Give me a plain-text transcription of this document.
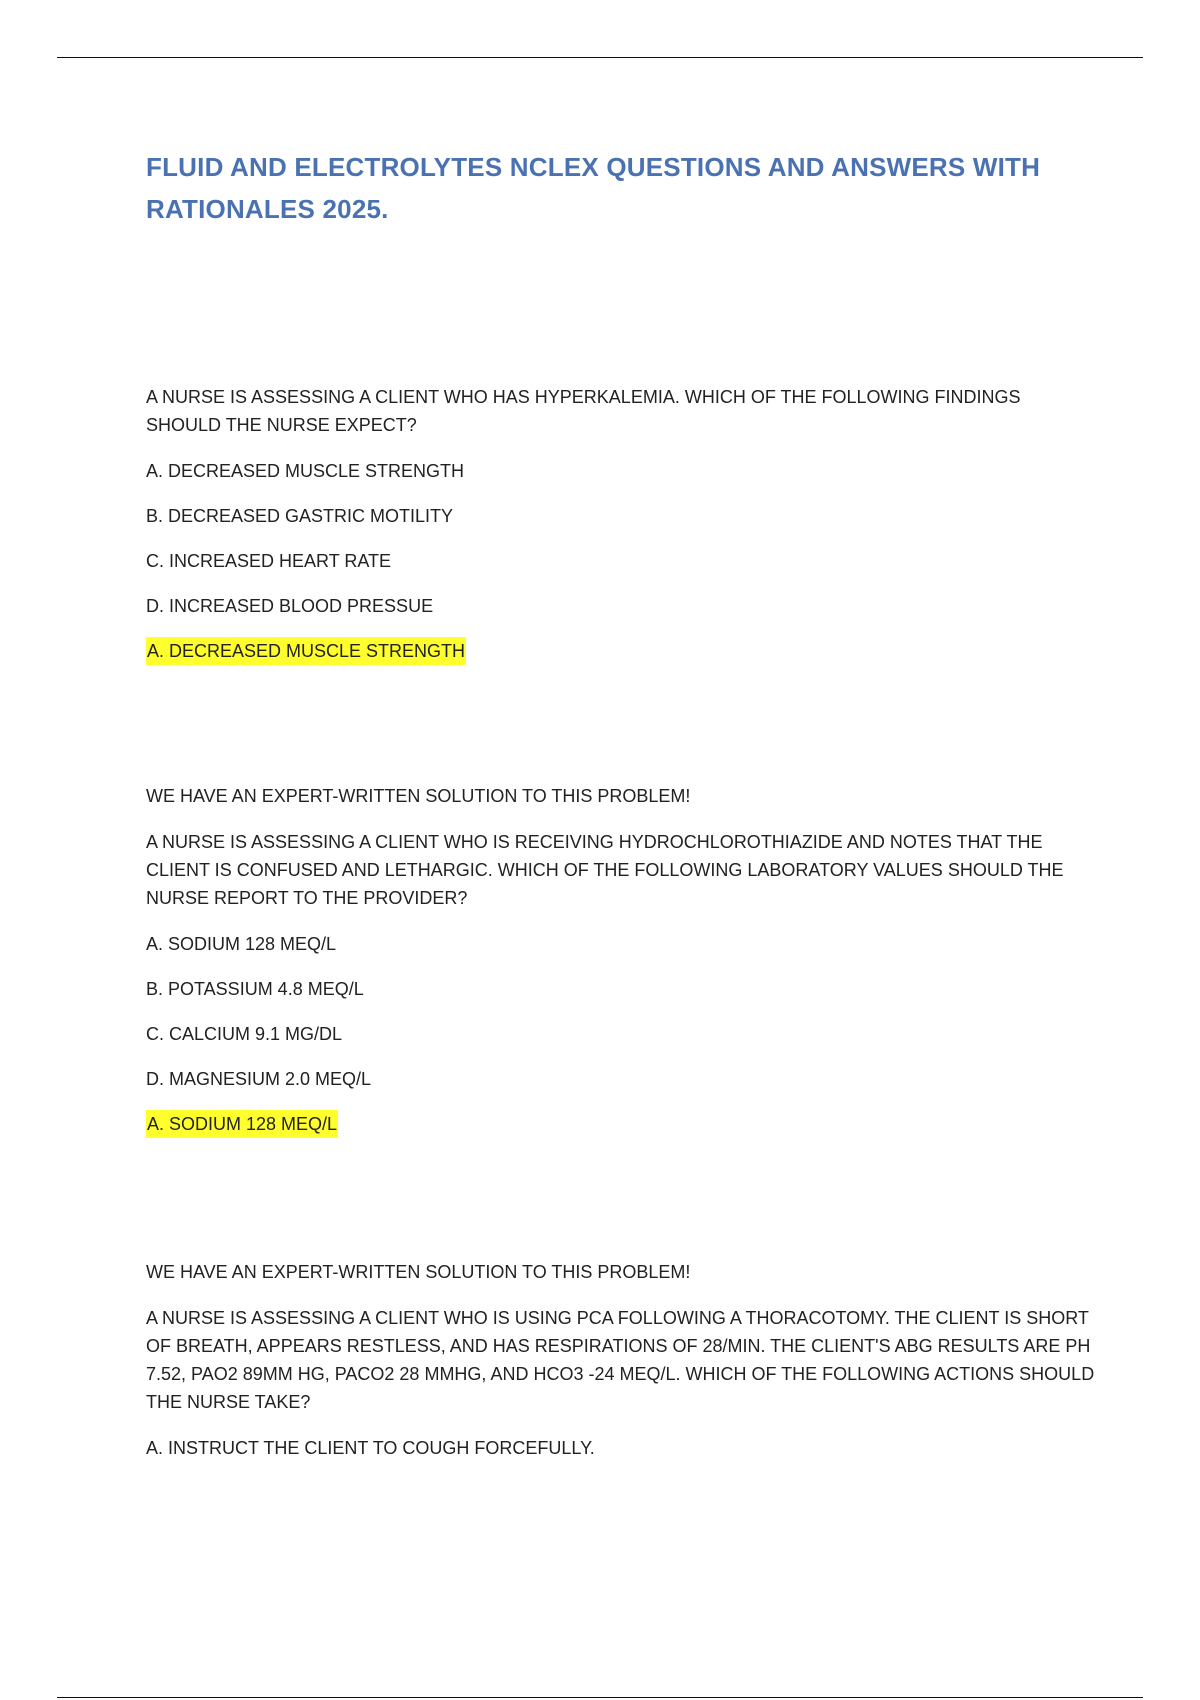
FLUID AND ELECTROLYTES NCLEX QUESTIONS AND ANSWERS WITH RATIONALES 2025.
A NURSE IS ASSESSING A CLIENT WHO HAS HYPERKALEMIA. WHICH OF THE FOLLOWING FINDINGS SHOULD THE NURSE EXPECT?
A. DECREASED MUSCLE STRENGTH
B. DECREASED GASTRIC MOTILITY
C. INCREASED HEART RATE
D. INCREASED BLOOD PRESSUE
A. DECREASED MUSCLE STRENGTH
WE HAVE AN EXPERT-WRITTEN SOLUTION TO THIS PROBLEM!
A NURSE IS ASSESSING A CLIENT WHO IS RECEIVING HYDROCHLOROTHIAZIDE AND NOTES THAT THE CLIENT IS CONFUSED AND LETHARGIC. WHICH OF THE FOLLOWING LABORATORY VALUES SHOULD THE NURSE REPORT TO THE PROVIDER?
A. SODIUM 128 MEQ/L
B. POTASSIUM 4.8 MEQ/L
C. CALCIUM 9.1 MG/DL
D. MAGNESIUM 2.0 MEQ/L
A. SODIUM 128 MEQ/L
WE HAVE AN EXPERT-WRITTEN SOLUTION TO THIS PROBLEM!
A NURSE IS ASSESSING A CLIENT WHO IS USING PCA FOLLOWING A THORACOTOMY. THE CLIENT IS SHORT OF BREATH, APPEARS RESTLESS, AND HAS RESPIRATIONS OF 28/MIN. THE CLIENT'S ABG RESULTS ARE PH 7.52, PAO2 89MM HG, PACO2 28 MMHG, AND HCO3 -24 MEQ/L. WHICH OF THE FOLLOWING ACTIONS SHOULD THE NURSE TAKE?
A. INSTRUCT THE CLIENT TO COUGH FORCEFULLY.
